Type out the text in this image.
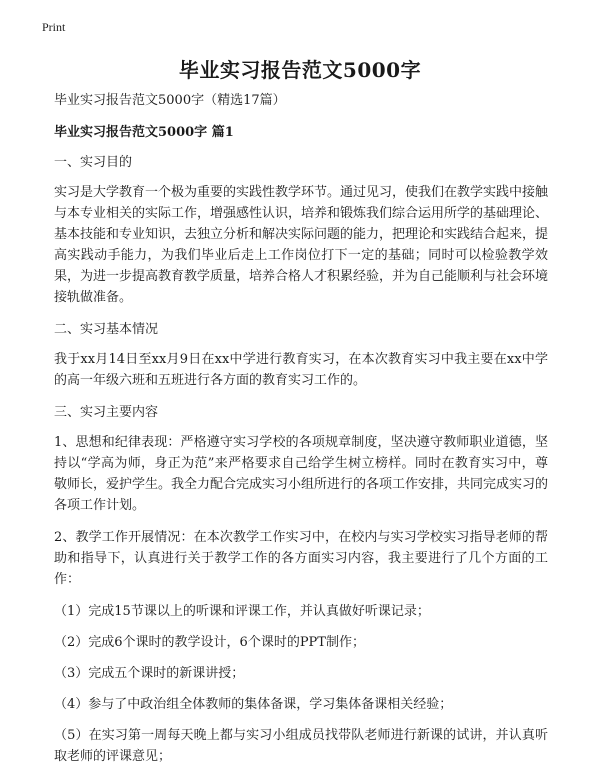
Print
毕业实习报告范文5000字

毕业实习报告范文5000字（精选17篇）

毕业实习报告范文5000字 篇1

一、实习目的

实习是大学教育一个极为重要的实践性教学环节。通过见习，使我们在教学实践中接触与本专业相关的实际工作，增强感性认识，培养和锻炼我们综合运用所学的基础理论、基本技能和专业知识，去独立分析和解决实际问题的能力，把理论和实践结合起来，提高实践动手能力，为我们毕业后走上工作岗位打下一定的基础；同时可以检验教学效果，为进一步提高教育教学质量，培养合格人才积累经验，并为自己能顺利与社会环境接轨做准备。

二、实习基本情况

我于xx月14日至xx月9日在xx中学进行教育实习，在本次教育实习中我主要在xx中学的高一年级六班和五班进行各方面的教育实习工作的。

三、实习主要内容

1、思想和纪律表现：严格遵守实习学校的各项规章制度，坚决遵守教师职业道德，坚持以“学高为师，身正为范”来严格要求自己给学生树立榜样。同时在教育实习中，尊敬师长，爱护学生。我全力配合完成实习小组所进行的各项工作安排，共同完成实习的各项工作计划。

2、教学工作开展情况：在本次教学工作实习中，在校内与实习学校实习指导老师的帮助和指导下，认真进行关于教学工作的各方面实习内容，我主要进行了几个方面的工作：

（1）完成15节课以上的听课和评课工作，并认真做好听课记录；

（2）完成6个课时的教学设计，6个课时的PPT制作；

（3）完成五个课时的新课讲授；

（4）参与了中政治组全体教师的集体备课，学习集体备课相关经验；

（5）在实习第一周每天晚上都与实习小组成员找带队老师进行新课的试讲，并认真听取老师的评课意见；
